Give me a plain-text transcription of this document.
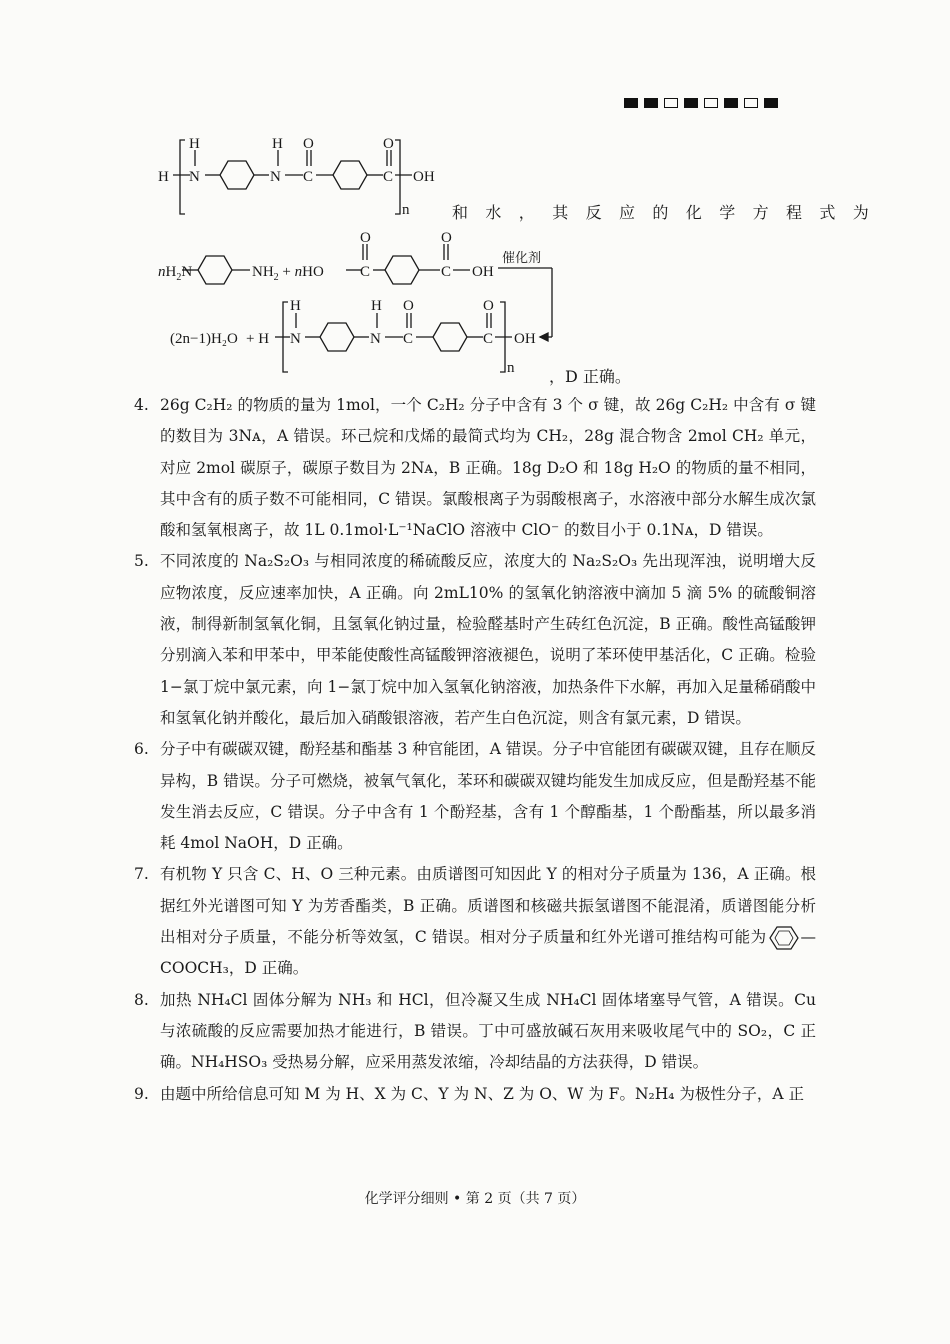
H
H
N
H
N
O
C
O
C OH
n
$nH_2N$	$NH_2$ + nHO
O
C
O
C OH
催化剂
(2n−1)H₂O + H
H
N
H
N
O
C
O
C OH
n
和水，其反应的化学方程式为
，D 正确。
4. 26g C₂H₂ 的物质的量为 1mol，一个 C₂H₂ 分子中含有 3 个 σ 键，故 26g C₂H₂ 中含有 σ 键的数目为 3Nᴀ，A 错误。环己烷和戊烯的最简式均为 CH₂，28g 混合物含 2mol CH₂ 单元，对应 2mol 碳原子，碳原子数目为 2Nᴀ，B 正确。18g D₂O 和 18g H₂O 的物质的量不相同，其中含有的质子数不可能相同，C 错误。氯酸根离子为弱酸根离子，水溶液中部分水解生成次氯酸和氢氧根离子，故 1L 0.1mol·L⁻¹NaClO 溶液中 ClO⁻ 的数目小于 0.1Nᴀ，D 错误。

5. 不同浓度的 Na₂S₂O₃ 与相同浓度的稀硫酸反应，浓度大的 Na₂S₂O₃ 先出现浑浊，说明增大反应物浓度，反应速率加快，A 正确。向 2mL10% 的氢氧化钠溶液中滴加 5 滴 5% 的硫酸铜溶液，制得新制氢氧化铜，且氢氧化钠过量，检验醛基时产生砖红色沉淀，B 正确。酸性高锰酸钾分别滴入苯和甲苯中，甲苯能使酸性高锰酸钾溶液褪色，说明了苯环使甲基活化，C 正确。检验 1−氯丁烷中氯元素，向 1−氯丁烷中加入氢氧化钠溶液，加热条件下水解，再加入足量稀硝酸中和氢氧化钠并酸化，最后加入硝酸银溶液，若产生白色沉淀，则含有氯元素，D 错误。

6. 分子中有碳碳双键，酚羟基和酯基 3 种官能团，A 错误。分子中官能团有碳碳双键，且存在顺反异构，B 错误。分子可燃烧，被氧气氧化，苯环和碳碳双键均能发生加成反应，但是酚羟基不能发生消去反应，C 错误。分子中含有 1 个酚羟基，含有 1 个醇酯基，1 个酚酯基，所以最多消耗 4mol NaOH，D 正确。

7. 有机物 Y 只含 C、H、O 三种元素。由质谱图可知因此 Y 的相对分子质量为 136，A 正确。根据红外光谱图可知 Y 为芳香酯类，B 正确。质谱图和核磁共振氢谱图不能混淆，质谱图能分析出相对分子质量，不能分析等效氢，C 错误。相对分子质量和红外光谱可推结构可能为 —COOCH₃，D 正确。

8. 加热 NH₄Cl 固体分解为 NH₃ 和 HCl，但冷凝又生成 NH₄Cl 固体堵塞导气管，A 错误。Cu 与浓硫酸的反应需要加热才能进行，B 错误。丁中可盛放碱石灰用来吸收尾气中的 SO₂，C 正确。NH₄HSO₃ 受热易分解，应采用蒸发浓缩，冷却结晶的方法获得，D 错误。

9. 由题中所给信息可知 M 为 H、X 为 C、Y 为 N、Z 为 O、W 为 F。N₂H₄ 为极性分子，A 正

化学评分细则 • 第 2 页（共 7 页）
